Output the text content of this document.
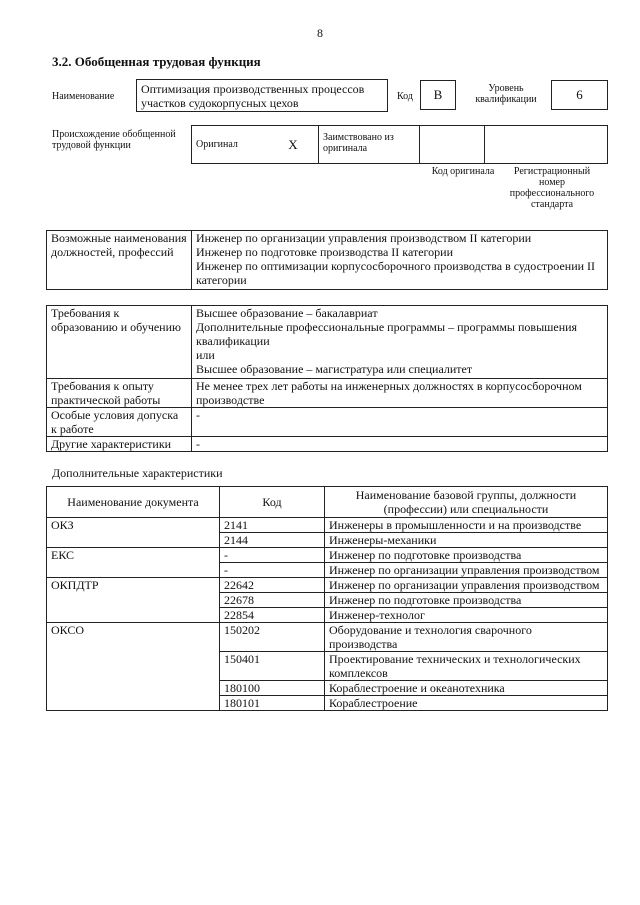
8
3.2. Обобщенная трудовая функция
Наименование
Оптимизация производственных процессов участков судокорпусных цехов	Код	B	Уровень квалификации	6
Происхождение обобщенной трудовой функции	Оригинал	X	Заимствовано из оригинала		
Код оригинала	Регистрационный номер профессионального стандарта
Возможные наименования должностей, профессий	
Инженер по организации управления производством II категории
Инженер по подготовке производства II категории
Инженер по оптимизации корпусосборочного производства в судостроении II категории
Требования к образованию и обучению	Высшее образование – бакалавриат
Дополнительные профессиональные программы – программы повышения квалификации
или
Высшее образование – магистратура или специалитет

Требования к опыту практической работы	Не менее трех лет работы на инженерных должностях в корпусосборочном производстве
Особые условия допуска к работе	-
Другие характеристики	-
Дополнительные характеристики
Наименование документа	Код	Наименование базовой группы, должности (профессии) или специальности
ОКЗ	2141	Инженеры в промышленности и на производстве
	2144	Инженеры-механики
ЕКС	-	Инженер по подготовке производства
	-	Инженер по организации управления производством
ОКПДТР	22642	Инженер по организации управления производством
	22678	Инженер по подготовке производства
	22854	Инженер-технолог
ОКСО	150202	Оборудование и технология сварочного производства
	150401	Проектирование технических и технологических комплексов
	180100	Кораблестроение и океанотехника
	180101	Кораблестроение
